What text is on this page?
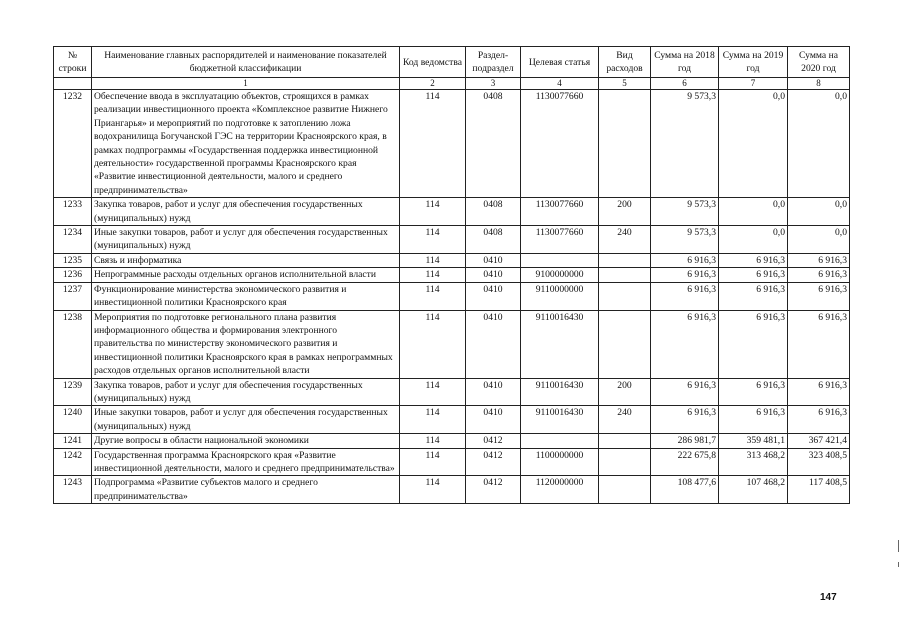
№ строки	Наименование главных распорядителей и наименование показателей бюджетной классификации	Код ведомства	Раздел- подраздел	Целевая статья	Вид расходов	Сумма на 2018 год	Сумма на 2019 год	Сумма на 2020 год
	1	2	3	4	5	6	7	8
1232	Обеспечение ввода в эксплуатацию объектов, строящихся в рамках реализации инвестиционного проекта «Комплексное развитие Нижнего Приангарья» и мероприятий по подготовке к затоплению ложа водохранилища Богучанской ГЭС на территории Красноярского края, в рамках подпрограммы «Государственная поддержка инвестиционной деятельности» государственной программы Красноярского края «Развитие инвестиционной деятельности, малого и среднего предпринимательства»	114	0408	1130077660		9 573,3	0,0	0,0
1233	Закупка товаров, работ и услуг для обеспечения государственных (муниципальных) нужд	114	0408	1130077660	200	9 573,3	0,0	0,0
1234	Иные закупки товаров, работ и услуг для обеспечения государственных (муниципальных) нужд	114	0408	1130077660	240	9 573,3	0,0	0,0
1235	Связь и информатика	114	0410			6 916,3	6 916,3	6 916,3
1236	Непрограммные расходы отдельных органов исполнительной власти	114	0410	9100000000		6 916,3	6 916,3	6 916,3
1237	Функционирование министерства экономического развития и инвестиционной политики Красноярского края	114	0410	9110000000		6 916,3	6 916,3	6 916,3
1238	Мероприятия по подготовке регионального плана развития информационного общества и формирования электронного правительства по министерству экономического развития и инвестиционной политики Красноярского края в рамках непрограммных расходов отдельных органов исполнительной власти	114	0410	9110016430		6 916,3	6 916,3	6 916,3
1239	Закупка товаров, работ и услуг для обеспечения государственных (муниципальных) нужд	114	0410	9110016430	200	6 916,3	6 916,3	6 916,3
1240	Иные закупки товаров, работ и услуг для обеспечения государственных (муниципальных) нужд	114	0410	9110016430	240	6 916,3	6 916,3	6 916,3
1241	Другие вопросы в области национальной экономики	114	0412			286 981,7	359 481,1	367 421,4
1242	Государственная программа Красноярского края «Развитие инвестиционной деятельности, малого и среднего предпринимательства»	114	0412	1100000000		222 675,8	313 468,2	323 408,5
1243	Подпрограмма «Развитие субъектов малого и среднего предпринимательства»	114	0412	1120000000		108 477,6	107 468,2	117 408,5
147
